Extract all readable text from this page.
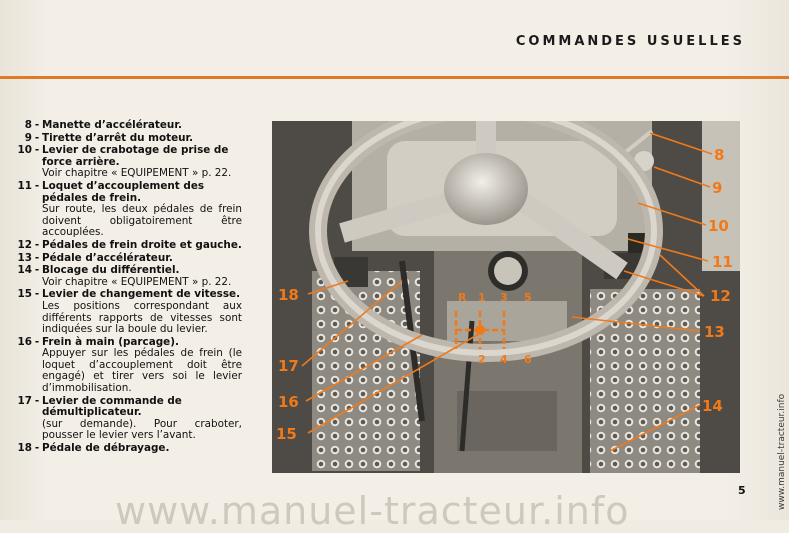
COMMANDES USUELLES
8 - Manette d’accélérateur.
9 - Tirette d’arrêt du moteur.
10 - Levier de crabotage de prise de force arrière.
Voir chapitre « EQUIPEMENT » p. 22.
11 - Loquet d’accouplement des pédales de frein.
Sur route, les deux pédales de frein doivent obligatoirement être accouplées.
12 - Pédales de frein droite et gauche.
13 - Pédale d’accélérateur.
14 - Blocage du différentiel.
Voir chapitre « EQUIPEMENT » p. 22.
15 - Levier de changement de vitesse.
Les positions correspondant aux différents rapports de vitesses sont indiquées sur la boule du levier.
16 - Frein à main (parcage).
Appuyer sur les pédales de frein (le loquet d’accouplement doit être engagé) et tirer vers soi le levier d’immobilisation.
17 - Levier de commande de démultiplicateur.
(sur demande). Pour craboter, pousser le levier vers l’avant.
18 - Pédale de débrayage.
8
9
10
11
12
13
14
15
16
17
18	R 1 3 5
2 4 6
5	www.manuel-tracteur.info
www.manuel-tracteur.info
